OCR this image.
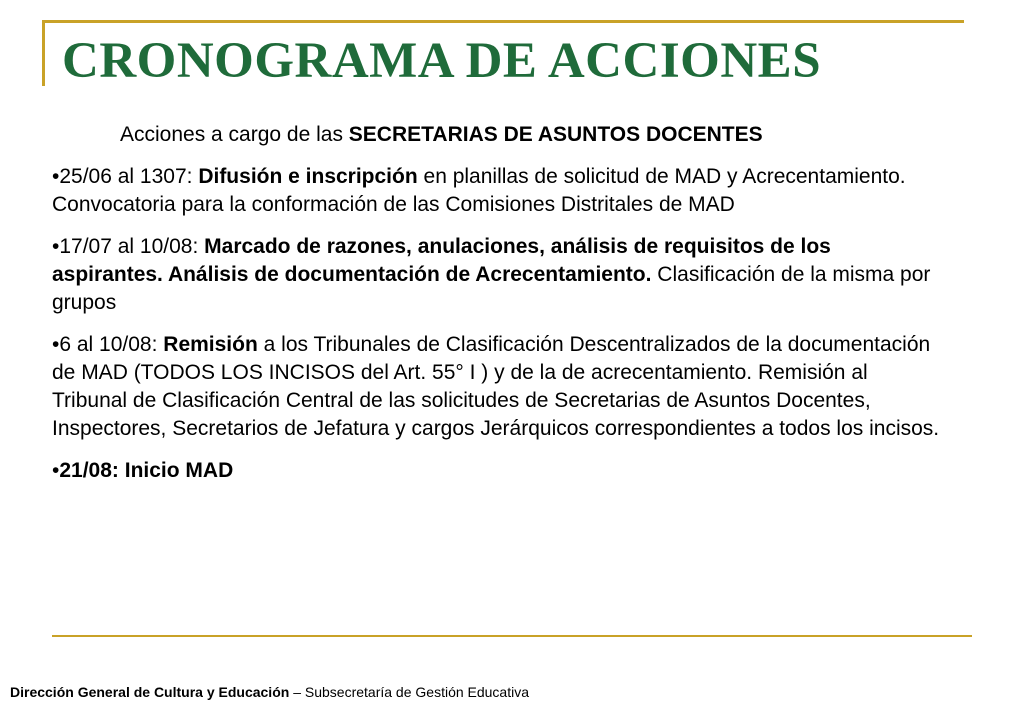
CRONOGRAMA DE ACCIONES

Acciones a cargo de las SECRETARIAS DE ASUNTOS DOCENTES

•25/06 al 1307: Difusión e inscripción en planillas de solicitud de MAD y Acrecentamiento. Convocatoria para la conformación de las Comisiones Distritales de MAD

•17/07 al 10/08: Marcado de razones, anulaciones, análisis de requisitos de los aspirantes. Análisis de documentación de Acrecentamiento. Clasificación de la misma por grupos

•6 al 10/08: Remisión a los Tribunales de Clasificación Descentralizados de la documentación de MAD (TODOS LOS INCISOS del Art. 55° I ) y de la de acrecentamiento. Remisión al Tribunal de Clasificación Central de las solicitudes de Secretarias de Asuntos Docentes, Inspectores, Secretarios de Jefatura y cargos Jerárquicos correspondientes a todos los incisos.

•21/08: Inicio MAD

Dirección General de Cultura y Educación – Subsecretaría de Gestión Educativa
